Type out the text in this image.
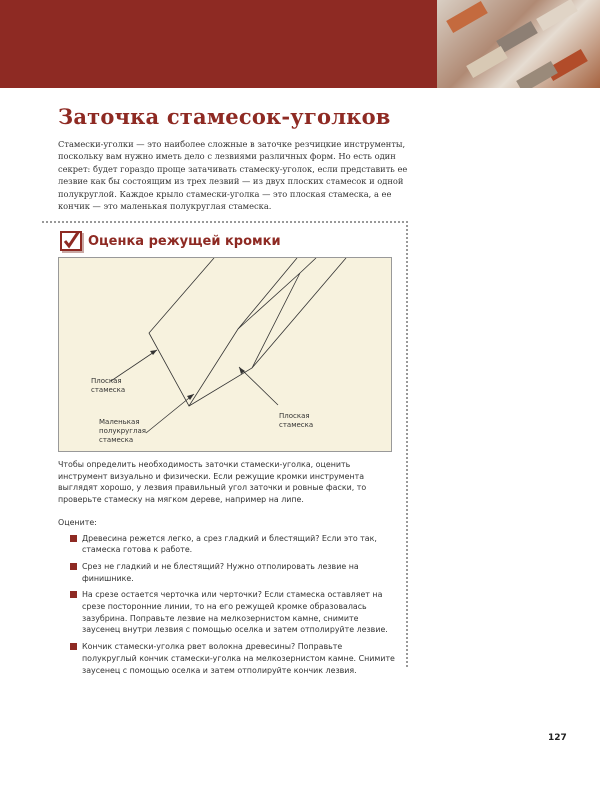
Заточка стамесок-уголков

Стамески-уголки — это наиболее сложные в заточке резчицкие инструменты, поскольку вам нужно иметь дело с лезвиями различных форм. Но есть один секрет: будет гораздо проще затачивать стамеску-уголок, если представить ее лезвие как бы состоящим из трех лезвий — из двух плоских стамесок и одной полукруглой. Каждое крыло стамески-уголка — это плоская стамеска, а ее кончик — это маленькая полукруглая стамеска.

Оценка режущей кромки
Плоская стамеска
Маленькая полукруглая стамеска
Плоская стамеска

Чтобы определить необходимость заточки стамески-уголка, оценить инструмент визуально и физически. Если режущие кромки инструмента выглядят хорошо, у лезвия правильный угол заточки и ровные фаски, то проверьте стамеску на мягком дереве, например на липе.

Оцените:
Древесина режется легко, а срез гладкий и блестящий? Если это так, стамеска готова к работе.
Срез не гладкий и не блестящий? Нужно отполировать лезвие на финишнике.
На срезе остается черточка или черточки? Если стамеска оставляет на срезе посторонние линии, то на его режущей кромке образовалась зазубрина. Поправьте лезвие на мелкозернистом камне, снимите заусенец внутри лезвия с помощью оселка и затем отполируйте лезвие.
Кончик стамески-уголка рвет волокна древесины? Поправьте полукруглый кончик стамески-уголка на мелкозернистом камне. Снимите заусенец с помощью оселка и затем отполируйте кончик лезвия.
127
